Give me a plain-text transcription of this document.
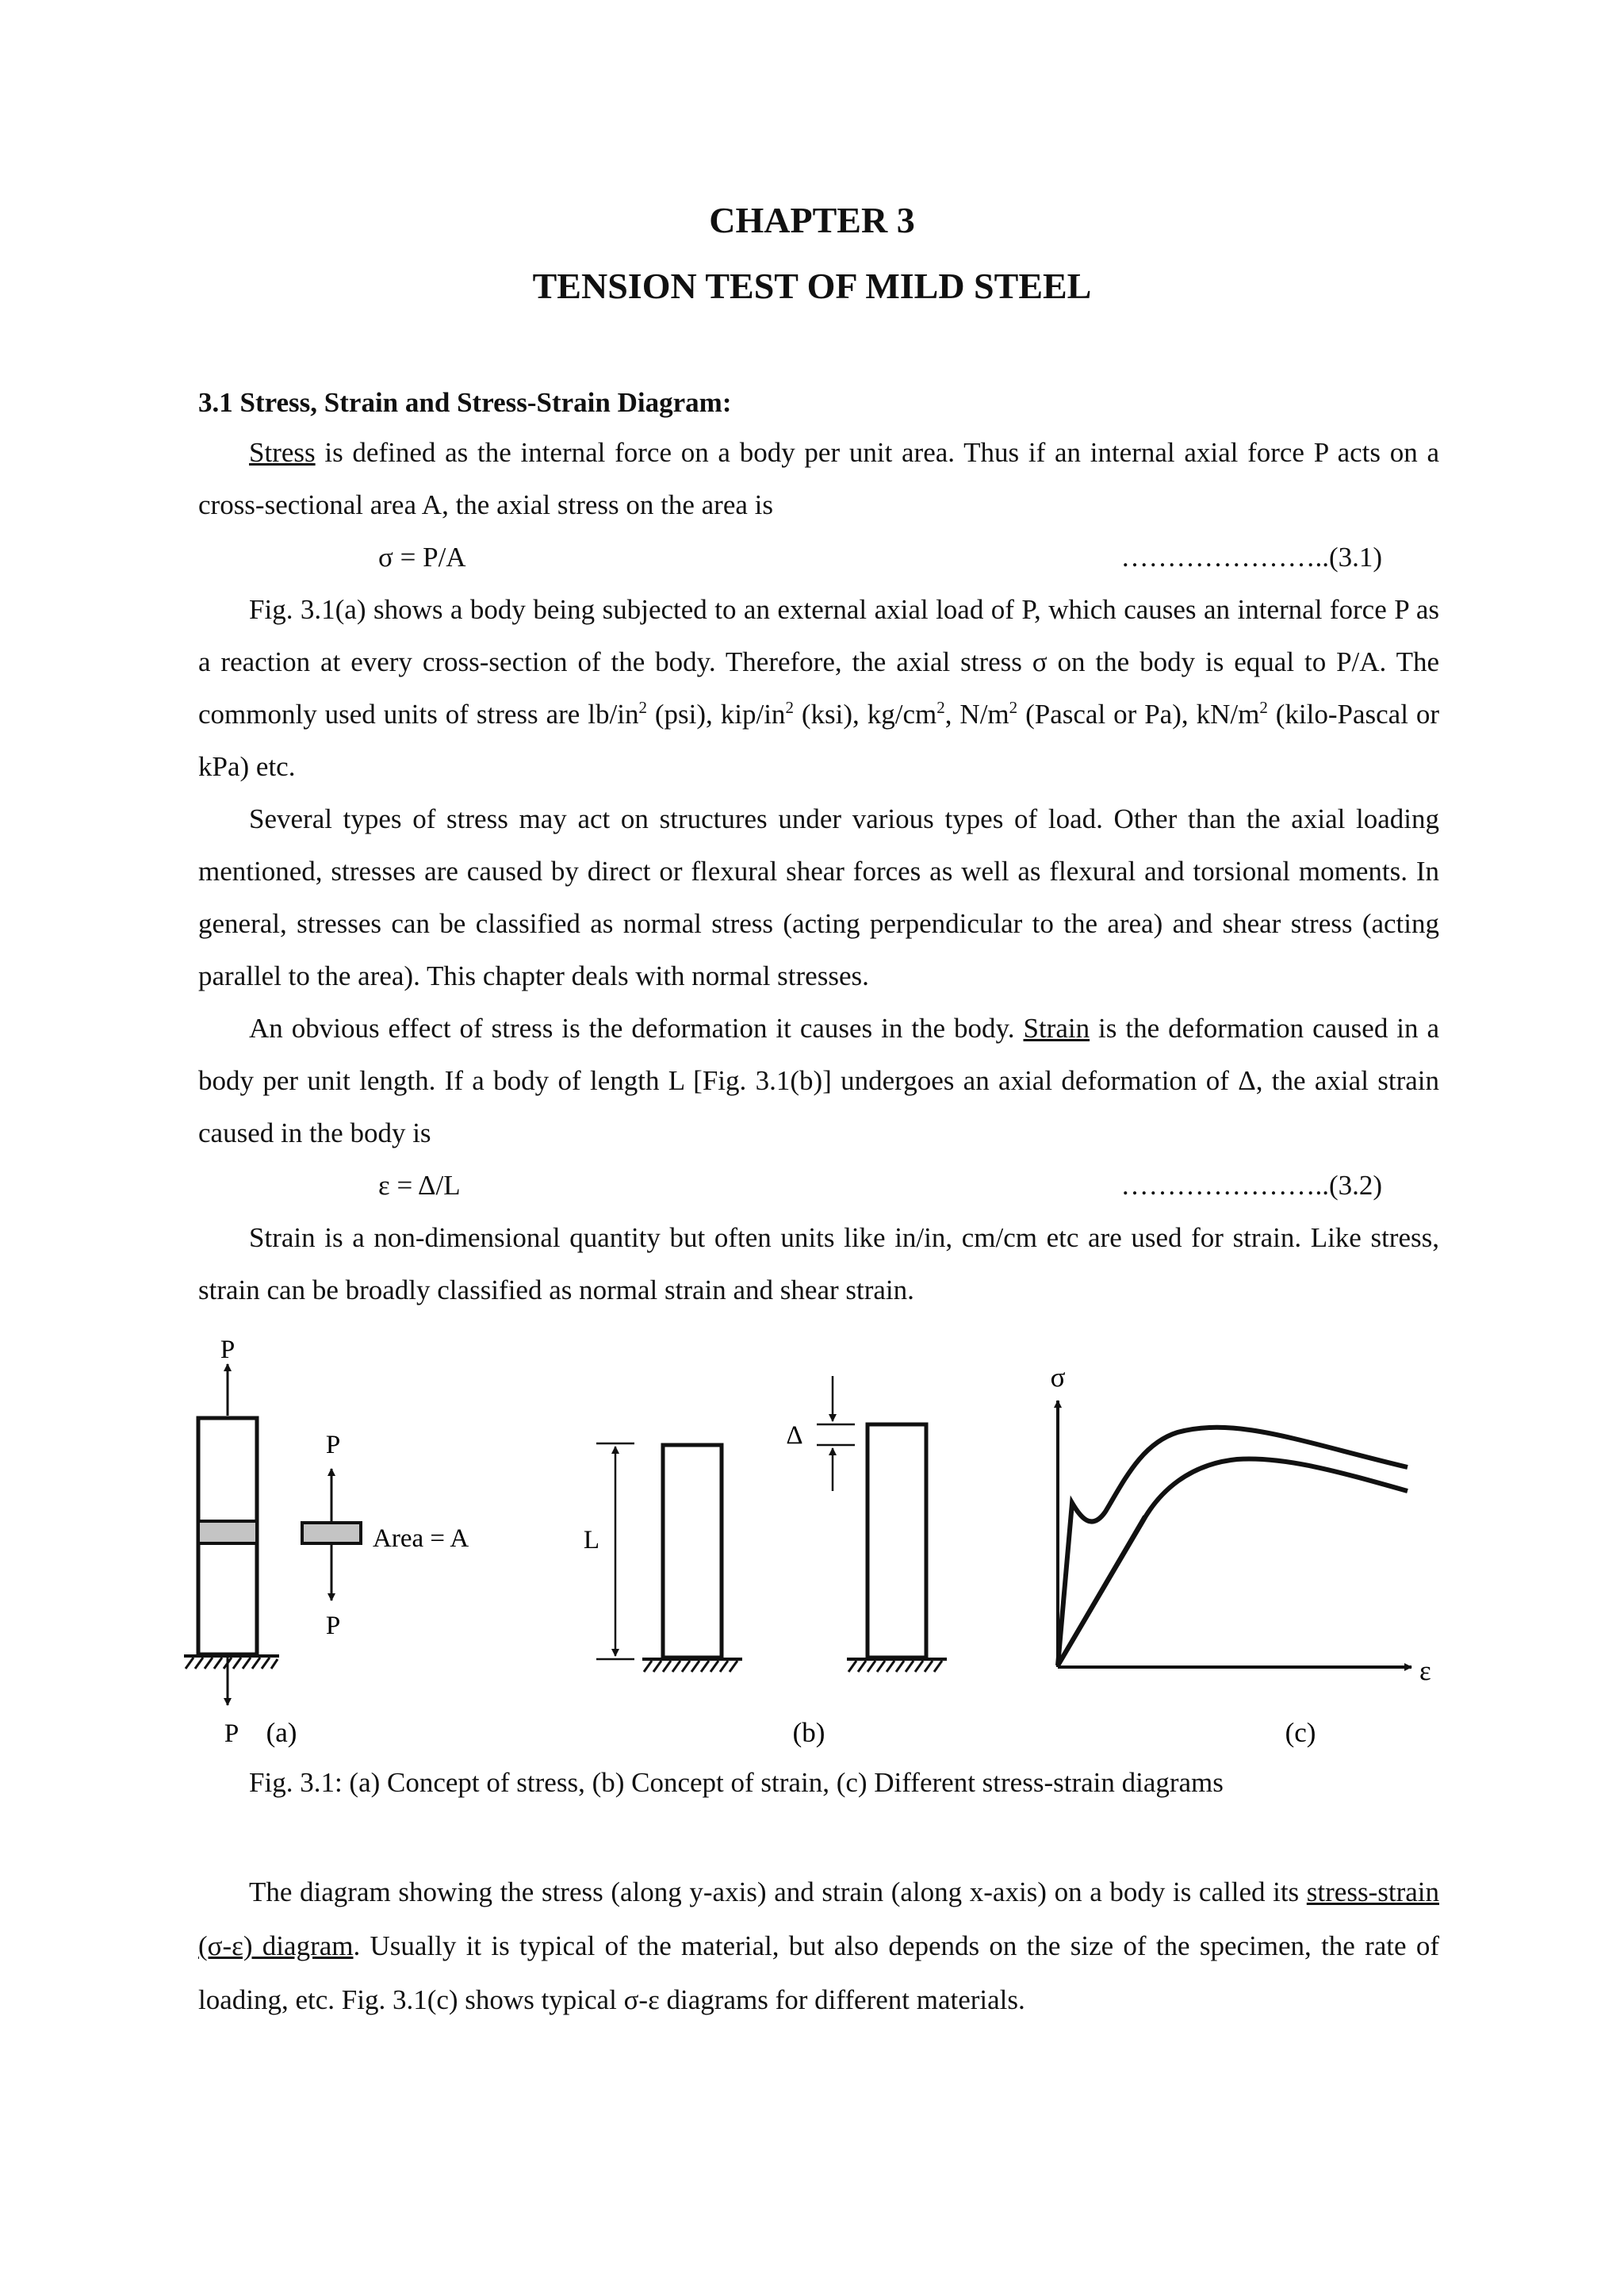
CHAPTER 3
TENSION TEST OF MILD STEEL
3.1 Stress, Strain and Stress-Strain Diagram:

Stress is defined as the internal force on a body per unit area. Thus if an internal axial force P acts on a cross-sectional area A, the axial stress on the area is

σ = P/A	…………………..(3.1)

Fig. 3.1(a) shows a body being subjected to an external axial load of P, which causes an internal force P as a reaction at every cross-section of the body. Therefore, the axial stress σ on the body is equal to P/A. The commonly used units of stress are $lb/in^2$ (psi), kip/$in^2$ (ksi), $kg/cm^2$, $N/m^2$ (Pascal or Pa), $kN/m^2$ (kilo-Pascal or kPa) etc.

Several types of stress may act on structures under various types of load. Other than the axial loading mentioned, stresses are caused by direct or flexural shear forces as well as flexural and torsional moments. In general, stresses can be classified as normal stress (acting perpendicular to the area) and shear stress (acting parallel to the area). This chapter deals with normal stresses.

An obvious effect of stress is the deformation it causes in the body. Strain is the deformation caused in a body per unit length. If a body of length L [Fig. 3.1(b)] undergoes an axial deformation of Δ, the axial strain caused in the body is

ε = Δ/L	…………………..(3.2)

Strain is a non-dimensional quantity but often units like in/in, cm/cm etc are used for strain. Like stress, strain can be broadly classified as normal strain and shear strain.

P
P
P
Area = A
P
(a)
L
Δ
(b)
σ
ε
(c)

Fig. 3.1: (a) Concept of stress, (b) Concept of strain, (c) Different stress-strain diagrams

The diagram showing the stress (along y-axis) and strain (along x-axis) on a body is called its stress-strain (σ-ε) diagram. Usually it is typical of the material, but also depends on the size of the specimen, the rate of loading, etc. Fig. 3.1(c) shows typical σ-ε diagrams for different materials.
